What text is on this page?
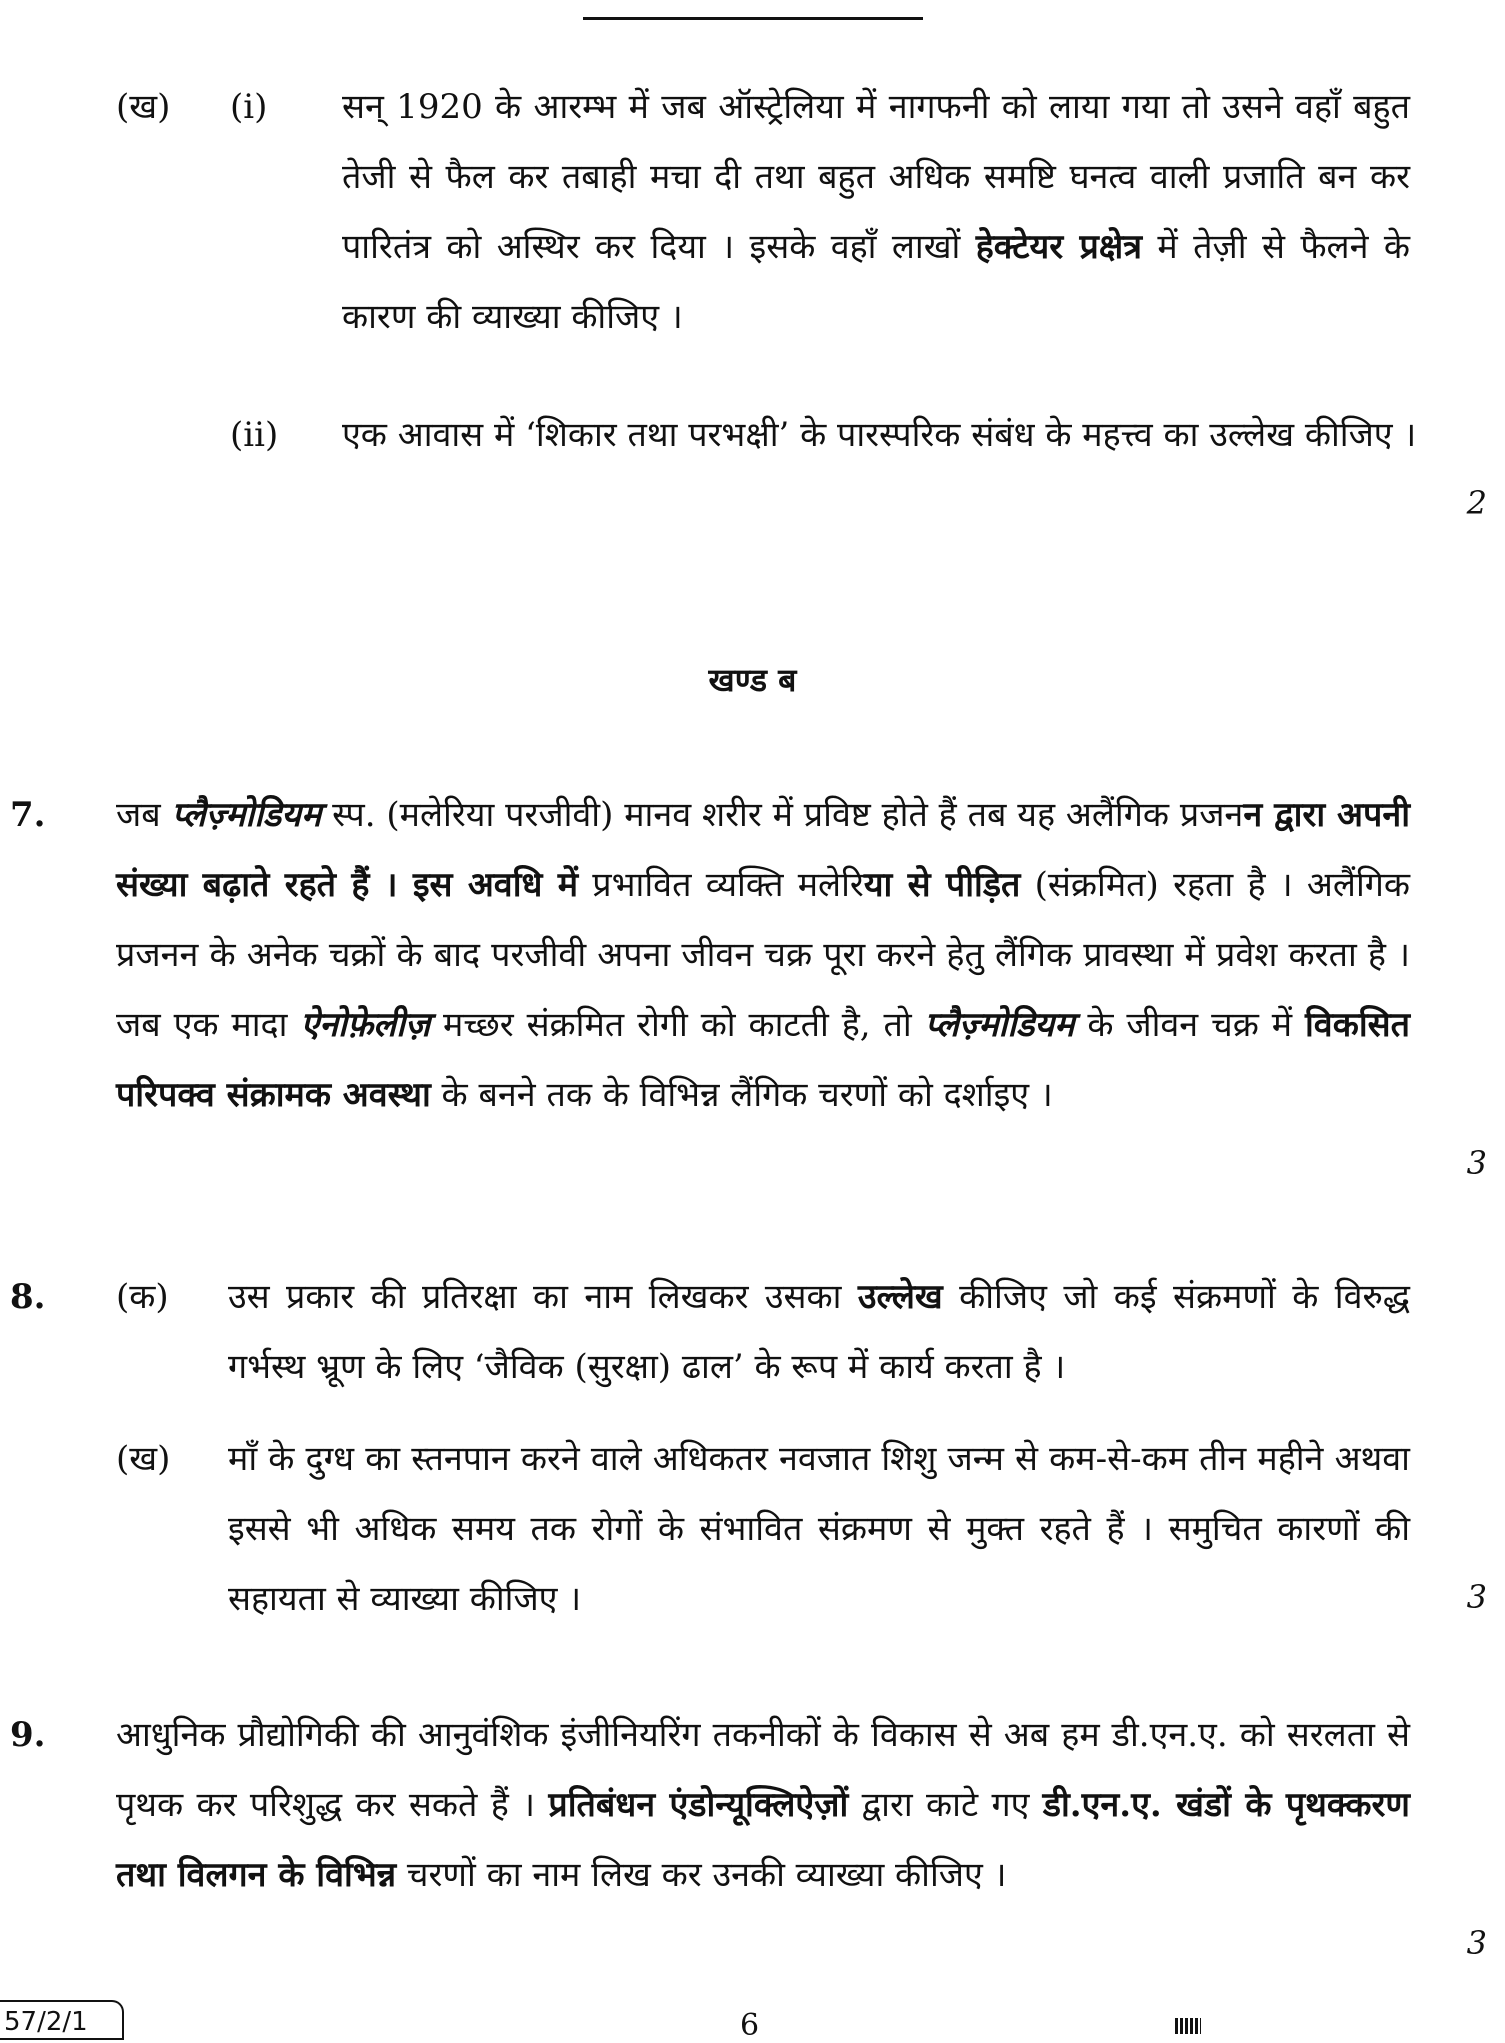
(ख) (i) सन् 1920 के आरम्भ में जब ऑस्ट्रेलिया में नागफनी को लाया गया तो उसने वहाँ बहुत तेजी से फैल कर तबाही मचा दी तथा बहुत अधिक समष्टि घनत्व वाली प्रजाति बन कर पारितंत्र को अस्थिर कर दिया । इसके वहाँ लाखों हेक्टेयर प्रक्षेत्र में तेज़ी से फैलने के कारण की व्याख्या कीजिए ।
(ii) एक आवास में ‘शिकार तथा परभक्षी’ के पारस्परिक संबंध के महत्त्व का उल्लेख कीजिए ।
2
खण्ड ब
7. जब प्लैज़्मोडियम स्प. (मलेरिया परजीवी) मानव शरीर में प्रविष्ट होते हैं तब यह अलैंगिक प्रजनन द्वारा अपनी संख्या बढ़ाते रहते हैं । इस अवधि में प्रभावित व्यक्ति मलेरिया से पीड़ित (संक्रमित) रहता है । अलैंगिक प्रजनन के अनेक चक्रों के बाद परजीवी अपना जीवन चक्र पूरा करने हेतु लैंगिक प्रावस्था में प्रवेश करता है । जब एक मादा ऐनोफ़ेलीज़ मच्छर संक्रमित रोगी को काटती है, तो प्लैज़्मोडियम के जीवन चक्र में विकसित परिपक्व संक्रामक अवस्था के बनने तक के विभिन्न लैंगिक चरणों को दर्शाइए ।
3
8. (क) उस प्रकार की प्रतिरक्षा का नाम लिखकर उसका उल्लेख कीजिए जो कई संक्रमणों के विरुद्ध गर्भस्थ भ्रूण के लिए ‘जैविक (सुरक्षा) ढाल’ के रूप में कार्य करता है ।
(ख) माँ के दुग्ध का स्तनपान करने वाले अधिकतर नवजात शिशु जन्म से कम-से-कम तीन महीने अथवा इससे भी अधिक समय तक रोगों के संभावित संक्रमण से मुक्त रहते हैं । समुचित कारणों की सहायता से व्याख्या कीजिए ।	3
9. आधुनिक प्रौद्योगिकी की आनुवंशिक इंजीनियरिंग तकनीकों के विकास से अब हम डी.एन.ए. को सरलता से पृथक कर परिशुद्ध कर सकते हैं । प्रतिबंधन एंडोन्यूक्लिऐज़ों द्वारा काटे गए डी.एन.ए. खंडों के पृथक्करण तथा विलगन के विभिन्न चरणों का नाम लिख कर उनकी व्याख्या कीजिए ।
3
57/2/1	6
